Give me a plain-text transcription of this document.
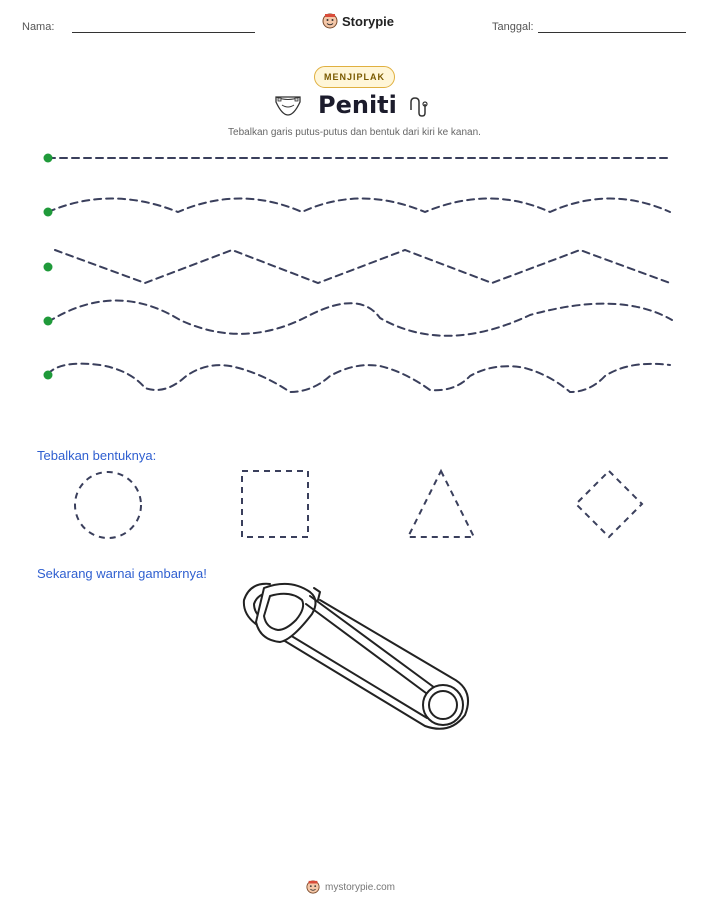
Nama:	Storypie	Tanggal:
MENJIPLAK
Peniti
Tebalkan garis putus-putus dan bentuk dari kiri ke kanan.
Tebalkan bentuknya:
Sekarang warnai gambarnya!
mystorypie.com
